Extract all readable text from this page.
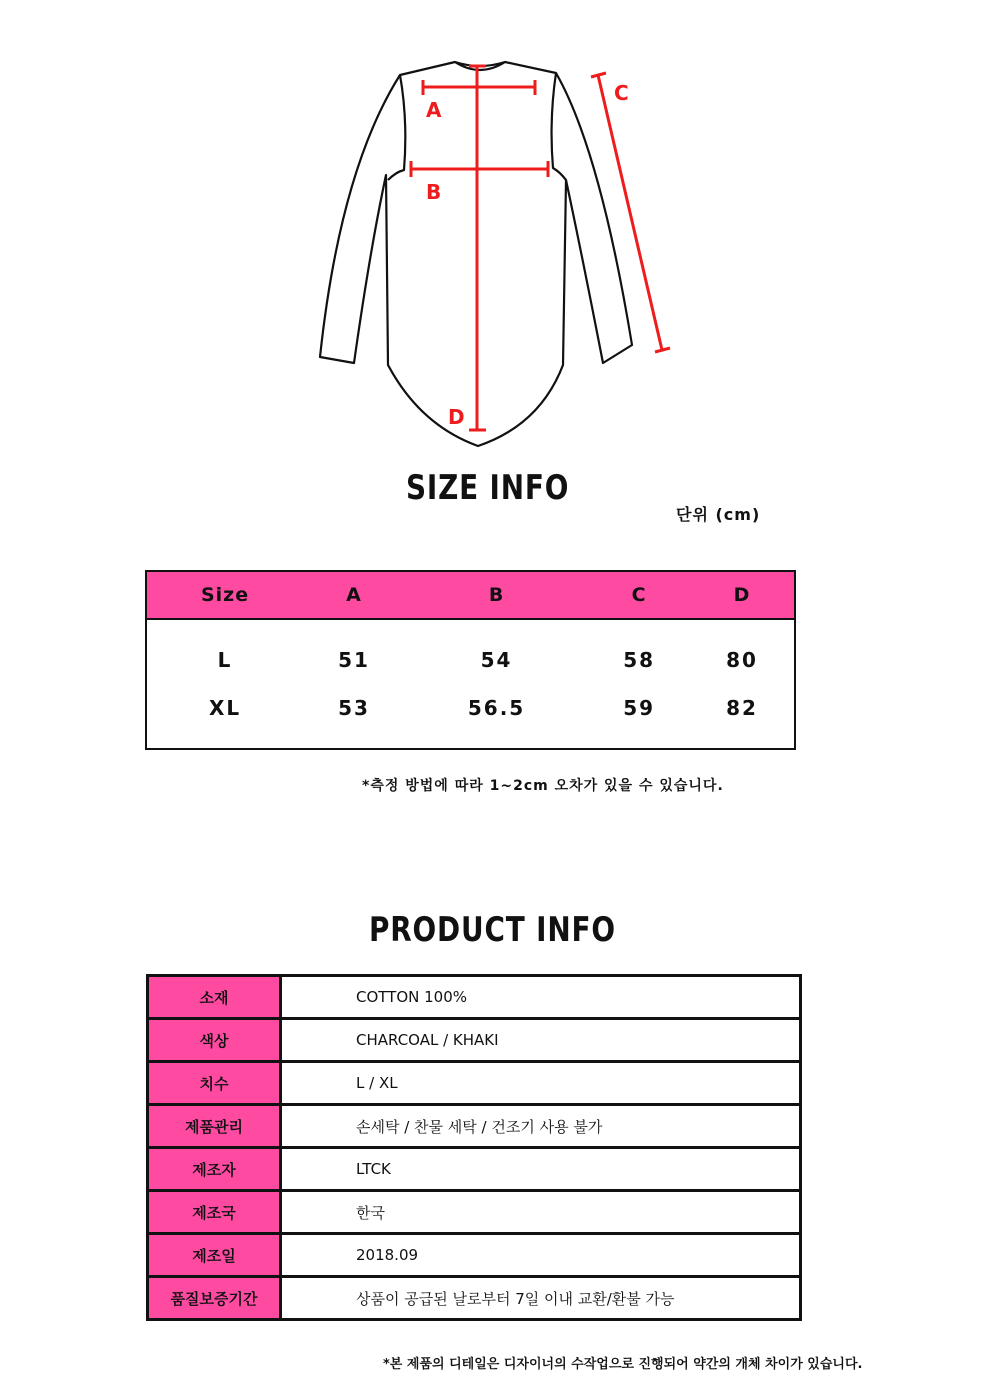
A
B
C
D
SIZE INFO
단위 (cm)
Size	A	B	C	D
L	51	54	58	80
XL	53	56.5	59	82
*측정 방법에 따라 1~2cm 오차가 있을 수 있습니다.
PRODUCT INFO
소재	COTTON 100%
색상	CHARCOAL / KHAKI
치수	L / XL
제품관리	손세탁 / 찬물 세탁 / 건조기 사용 불가
제조자	LTCK
제조국	한국
제조일	2018.09
품질보증기간	상품이 공급된 날로부터 7일 이내 교환/환불 가능
*본 제품의 디테일은 디자이너의 수작업으로 진행되어 약간의 개체 차이가 있습니다.
